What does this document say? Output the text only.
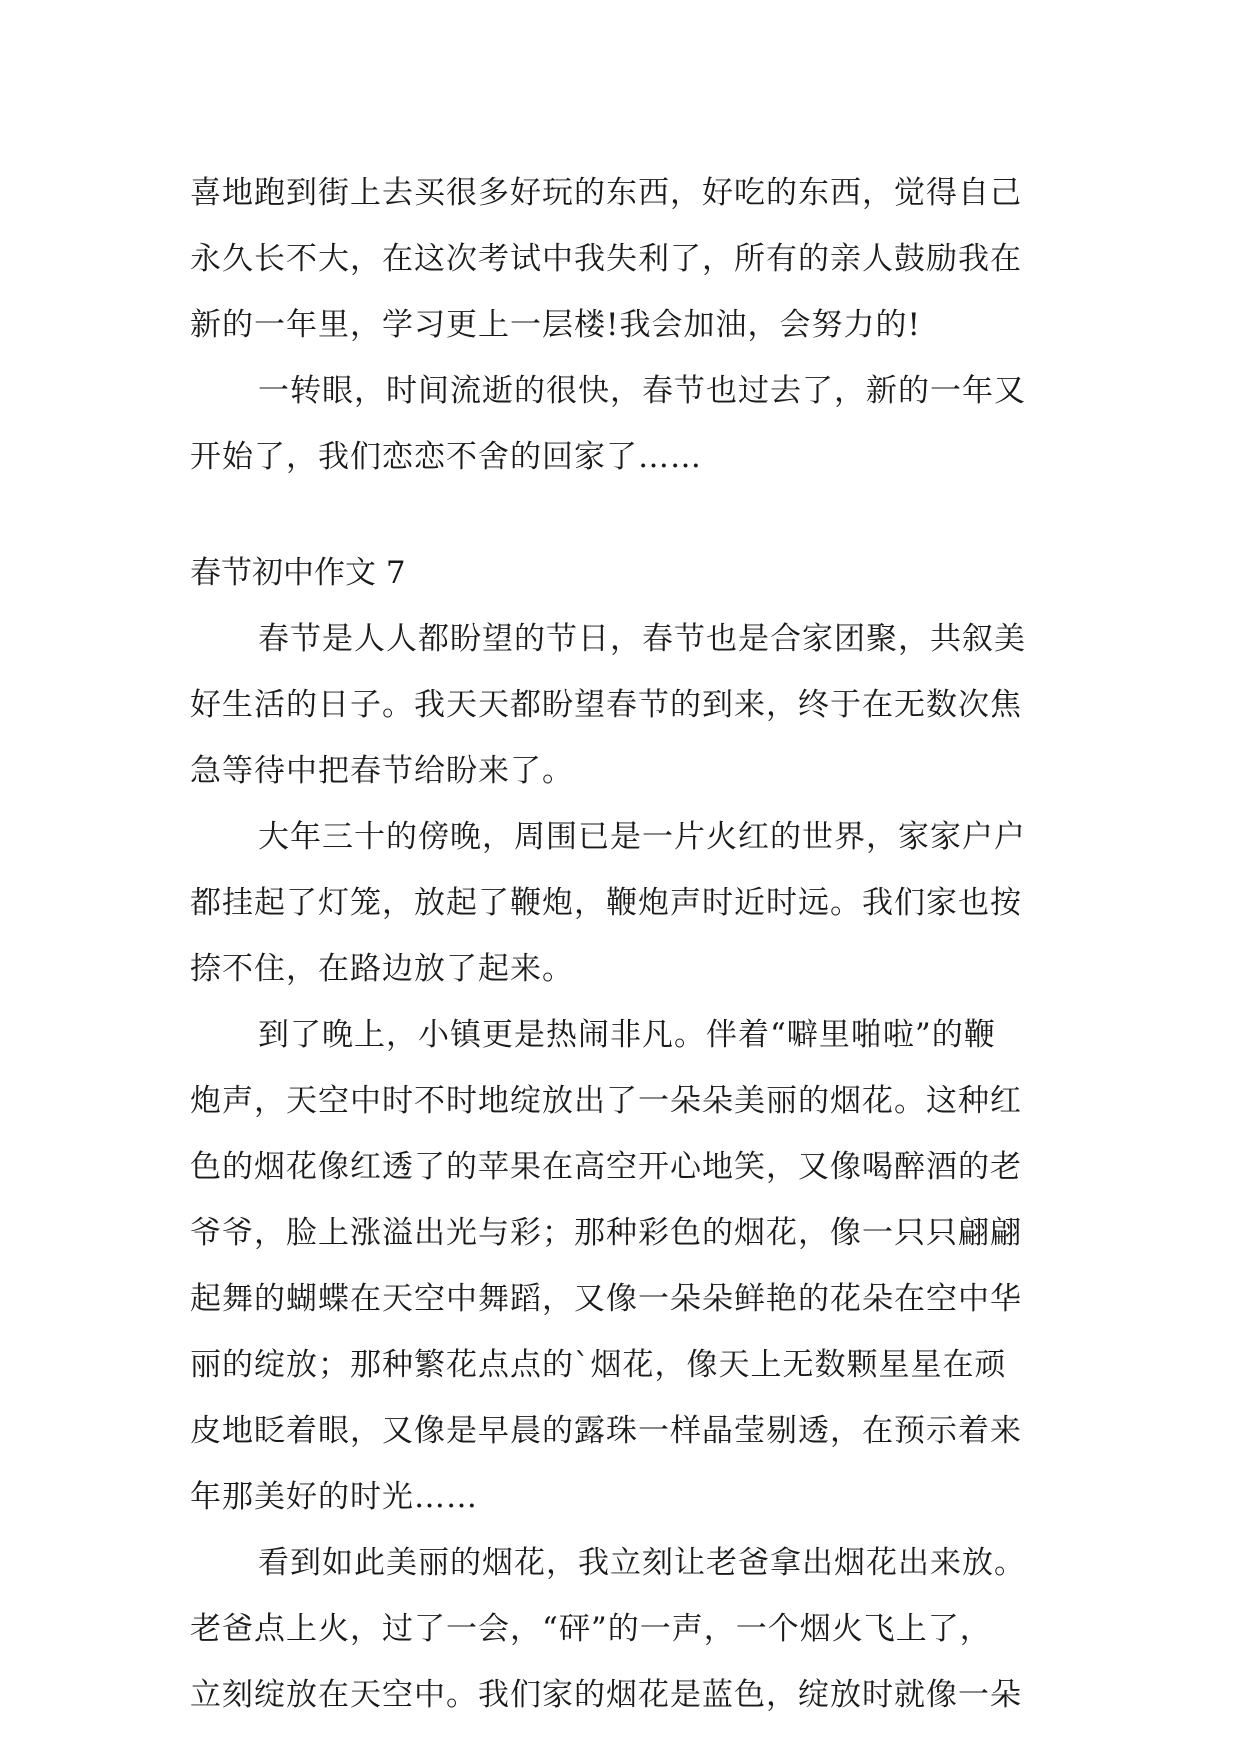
喜地跑到街上去买很多好玩的东西，好吃的东西，觉得自己
永久长不大，在这次考试中我失利了，所有的亲人鼓励我在
新的一年里，学习更上一层楼!我会加油，会努力的!
一转眼，时间流逝的很快，春节也过去了，新的一年又
开始了，我们恋恋不舍的回家了……
春节初中作文 7
春节是人人都盼望的节日，春节也是合家团聚，共叙美
好生活的日子。我天天都盼望春节的到来，终于在无数次焦
急等待中把春节给盼来了。
大年三十的傍晚，周围已是一片火红的世界，家家户户
都挂起了灯笼，放起了鞭炮，鞭炮声时近时远。我们家也按
捺不住，在路边放了起来。
到了晚上，小镇更是热闹非凡。伴着“噼里啪啦”的鞭
炮声，天空中时不时地绽放出了一朵朵美丽的烟花。这种红
色的烟花像红透了的苹果在高空开心地笑，又像喝醉酒的老
爷爷，脸上涨溢出光与彩；那种彩色的烟花，像一只只翩翩
起舞的蝴蝶在天空中舞蹈，又像一朵朵鲜艳的花朵在空中华
丽的绽放；那种繁花点点的`烟花，像天上无数颗星星在顽
皮地眨着眼，又像是早晨的露珠一样晶莹剔透，在预示着来
年那美好的时光……
看到如此美丽的烟花，我立刻让老爸拿出烟花出来放。
老爸点上火，过了一会，“砰”的一声，一个烟火飞上了，
立刻绽放在天空中。我们家的烟花是蓝色，绽放时就像一朵
